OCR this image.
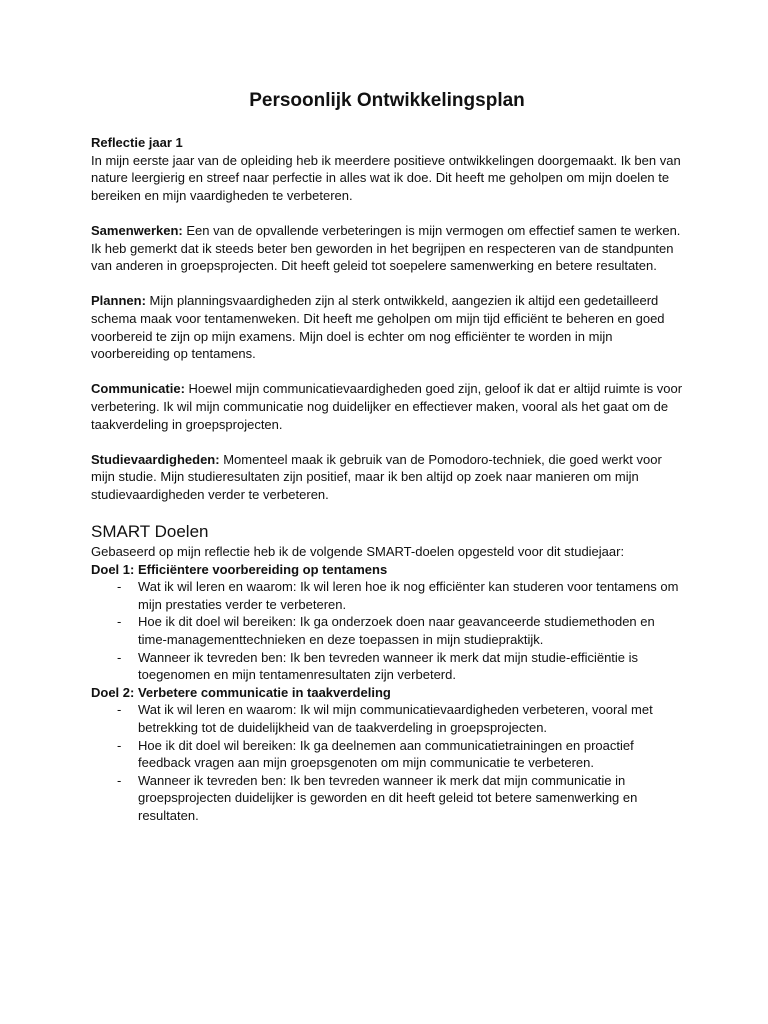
Persoonlijk Ontwikkelingsplan

Reflectie jaar 1

In mijn eerste jaar van de opleiding heb ik meerdere positieve ontwikkelingen doorgemaakt. Ik ben van nature leergierig en streef naar perfectie in alles wat ik doe. Dit heeft me geholpen om mijn doelen te bereiken en mijn vaardigheden te verbeteren.

Samenwerken: Een van de opvallende verbeteringen is mijn vermogen om effectief samen te werken. Ik heb gemerkt dat ik steeds beter ben geworden in het begrijpen en respecteren van de standpunten van anderen in groepsprojecten. Dit heeft geleid tot soepelere samenwerking en betere resultaten.

Plannen: Mijn planningsvaardigheden zijn al sterk ontwikkeld, aangezien ik altijd een gedetailleerd schema maak voor tentamenweken. Dit heeft me geholpen om mijn tijd efficiënt te beheren en goed voorbereid te zijn op mijn examens. Mijn doel is echter om nog efficiënter te worden in mijn voorbereiding op tentamens.

Communicatie: Hoewel mijn communicatievaardigheden goed zijn, geloof ik dat er altijd ruimte is voor verbetering. Ik wil mijn communicatie nog duidelijker en effectiever maken, vooral als het gaat om de taakverdeling in groepsprojecten.

Studievaardigheden: Momenteel maak ik gebruik van de Pomodoro-techniek, die goed werkt voor mijn studie. Mijn studieresultaten zijn positief, maar ik ben altijd op zoek naar manieren om mijn studievaardigheden verder te verbeteren.

SMART Doelen

Gebaseerd op mijn reflectie heb ik de volgende SMART-doelen opgesteld voor dit studiejaar:

Doel 1: Efficiëntere voorbereiding op tentamens

- Wat ik wil leren en waarom: Ik wil leren hoe ik nog efficiënter kan studeren voor tentamens om mijn prestaties verder te verbeteren.
- Hoe ik dit doel wil bereiken: Ik ga onderzoek doen naar geavanceerde studiemethoden en time-managementtechnieken en deze toepassen in mijn studiepraktijk.
- Wanneer ik tevreden ben: Ik ben tevreden wanneer ik merk dat mijn studie-efficiëntie is toegenomen en mijn tentamenresultaten zijn verbeterd.

Doel 2: Verbetere communicatie in taakverdeling

- Wat ik wil leren en waarom: Ik wil mijn communicatievaardigheden verbeteren, vooral met betrekking tot de duidelijkheid van de taakverdeling in groepsprojecten.
- Hoe ik dit doel wil bereiken: Ik ga deelnemen aan communicatietrainingen en proactief feedback vragen aan mijn groepsgenoten om mijn communicatie te verbeteren.
- Wanneer ik tevreden ben: Ik ben tevreden wanneer ik merk dat mijn communicatie in groepsprojecten duidelijker is geworden en dit heeft geleid tot betere samenwerking en resultaten.
